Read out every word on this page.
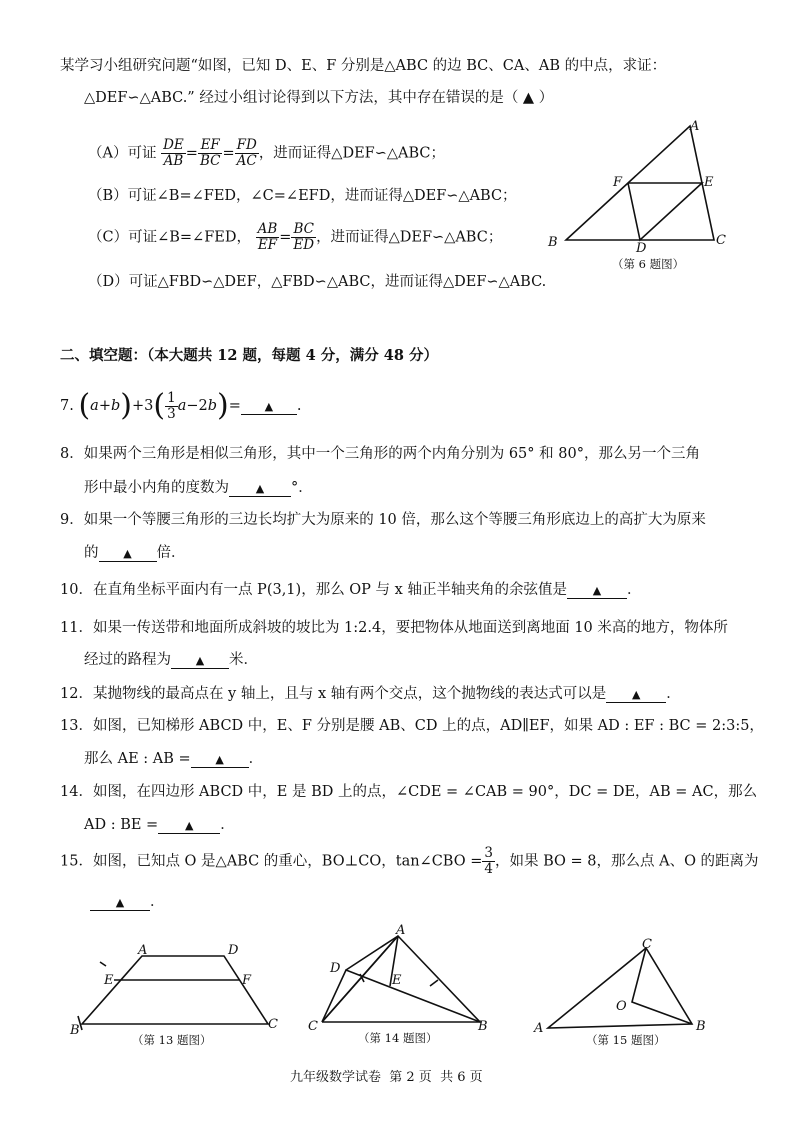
某学习小组研究问题“如图，已知 D、E、F 分别是△ABC 的边 BC、CA、AB 的中点，求证：
△DEF∽△ABC.” 经过小组讨论得到以下方法，其中存在错误的是（ ▲ ）
（A）可证 $\frac{DE}{AB} = \frac{EF}{BC} = \frac{FD}{AC}$ ，进而证得△DEF∽△ABC；
（B）可证∠B=∠FED，∠C=∠EFD，进而证得△DEF∽△ABC；
（C）可证∠B=∠FED， $\frac{AB}{EF} = \frac{BC}{ED}$ ，进而证得△DEF∽△ABC；
（D）可证△FBD∽△DEF，△FBD∽△ABC，进而证得△DEF∽△ABC.
A
B	C
D
E
F
（第 6 题图）
二、填空题：（本大题共 12 题，每题 4 分，满分 48 分）
7. $(a+b)+3( \frac{1}{3} a-2b)=$ ▲ .
8．如果两个三角形是相似三角形，其中一个三角形的两个内角分别为 65° 和 80°，那么另一个三角
形中最小内角的度数为 ▲ °．
9．如果一个等腰三角形的三边长均扩大为原来的 10 倍，那么这个等腰三角形底边上的高扩大为原来
的 ▲ 倍．
10．在直角坐标平面内有一点 P(3,1)，那么 OP 与 x 轴正半轴夹角的余弦值是 ▲ ．
11．如果一传送带和地面所成斜坡的坡比为 1:2.4，要把物体从地面送到离地面 10 米高的地方，物体所
经过的路程为 ▲ 米．
12．某抛物线的最高点在 y 轴上，且与 x 轴有两个交点，这个抛物线的表达式可以是 ▲ ．
13．如图，已知梯形 ABCD 中，E、F 分别是腰 AB、CD 上的点，AD∥EF，如果 AD : EF : BC = 2:3:5，
那么 AE : AB = ▲ ．
14．如图，在四边形 ABCD 中，E 是 BD 上的点，∠CDE = ∠CAB = 90°，DC = DE，AB = AC，那么
AD : BE = ▲ ．
15．如图，已知点 O 是△ABC 的重心，BO⊥CO，tan∠CBO = $\frac{3}{4}$ ，如果 BO = 8，那么点 A、O 的距离为
▲ ．
A	D
E	F
B	C
（第 13 题图）
A
D
E
C	B
（第 14 题图）
C
O
A	B
（第 15 题图）
九年级数学试卷  第 2 页  共 6 页
